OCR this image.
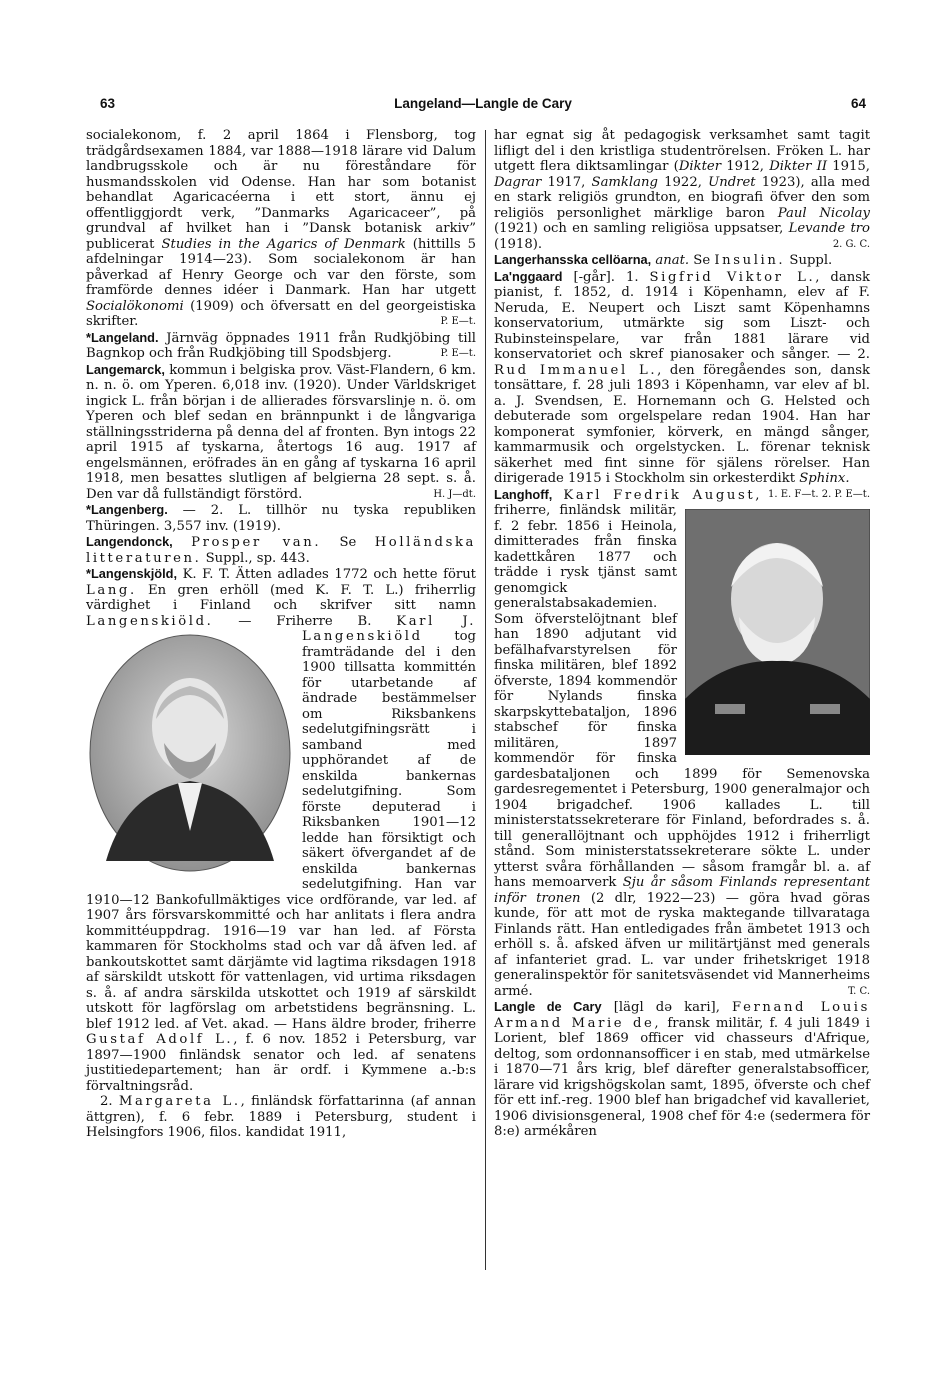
63	Langeland—Langle de Cary	64

socialekonom, f. 2 april 1864 i Flensborg, tog trädgårdsexamen 1884, var 1888—1918 lärare vid Dalum landbrugsskole och är nu föreståndare för husmandsskolen vid Odense. Han har som botanist behandlat Agaricacéerna i ett stort, ännu ej offentliggjordt verk, ”Danmarks Agaricaceer”, på grundval af hvilket han i ”Dansk botanisk arkiv” publicerat Studies in the Agarics of Denmark (hittills 5 afdelningar 1914—23). Som socialekonom är han påverkad af Henry George och var den förste, som framförde dennes idéer i Danmark. Han har utgett Socialökonomi (1909) och öfversatt en del georgeistiska skrifter.	P. E—t.

*Langeland. Järnväg öppnades 1911 från Rudkjöbing till Bagnkop och från Rudkjöbing till Spodsbjerg.	P. E—t.

Langemarck, kommun i belgiska prov. Väst-Flandern, 6 km. n. n. ö. om Yperen. 6,018 inv. (1920). Under Världskriget ingick L. från början i de allierades försvarslinje n. ö. om Yperen och blef sedan en brännpunkt i de långvariga ställningsstriderna på denna del af fronten. Byn intogs 22 april 1915 af tyskarna, återtogs 16 aug. 1917 af engelsmännen, eröfrades än en gång af tyskarna 16 april 1918, men besattes slutligen af belgierna 28 sept. s. å. Den var då fullständigt förstörd.	H. J—dt.

*Langenberg. — 2. L. tillhör nu tyska republiken Thüringen. 3,557 inv. (1919).

Langendonck, Prosper van. Se Holländska litteraturen. Suppl., sp. 443.

*Langenskjöld, K. F. T. Ätten adlades 1772 och hette förut Lang. En gren erhöll (med K. F. T. L.) friherrlig värdighet i Finland och skrifver sitt namn Langenskiöld. — Friherre B. Karl J. Langenskiöld
tog framträdande del i den 1900 tillsatta kommittén för utarbetande af ändrade bestämmelser om Riksbankens sedelutgifningsrätt i samband med upphörandet af de enskilda bankernas sedelutgifning. Som förste deputerad i Riksbanken 1901—12 ledde han försiktigt och säkert öfvergandet af de enskilda bankernas sedelutgifning. Han var 1910—12 Bankofullmäktiges vice ordförande, var led. af 1907 års försvarskommitté och har anlitats i flera andra kommittéuppdrag. 1916—19 var han led. af Första kammaren för Stockholms stad och var då äfven led. af bankoutskottet samt därjämte vid lagtima riksdagen 1918 af särskildt utskott för vattenlagen, vid urtima riksdagen s. å. af andra särskilda utskottet och 1919 af särskildt utskott för lagförslag om arbetstidens begränsning. L. blef 1912 led. af Vet. akad. — Hans äldre broder, friherre Gustaf Adolf L., f. 6 nov. 1852 i Petersburg, var 1897—1900 finländsk senator och led. af senatens justitiedepartement; han är ordf. i Kymmene a.-b:s förvaltningsråd.

2. Margareta L., finländsk författarinna (af annan ättgren), f. 6 febr. 1889 i Petersburg, student i Helsingfors 1906, filos. kandidat 1911,

har egnat sig åt pedagogisk verksamhet samt tagit lifligt del i den kristliga studentrörelsen. Fröken L. har utgett flera diktsamlingar (Dikter 1912, Dikter II 1915, Dagrar 1917, Samklang 1922, Undret 1923), alla med en stark religiös grundton, en biografi öfver den som religiös personlighet märklige baron Paul Nicolay (1921) och en samling religiösa uppsatser, Levande tro (1918).	2. G. C.

Langerhansska cellöarna, anat. Se Insulin. Suppl.

La'nggaard [-går]. 1. Sigfrid Viktor L., dansk pianist, f. 1852, d. 1914 i Köpenhamn, elev af F. Neruda, E. Neupert och Liszt samt Köpenhamns konservatorium, utmärkte sig som Liszt- och Rubinsteinspelare, var från 1881 lärare vid konservatoriet och skref pianosaker och sånger. — 2. Rud Immanuel L., den föregåendes son, dansk tonsättare, f. 28 juli 1893 i Köpenhamn, var elev af bl. a. J. Svendsen, E. Hornemann och G. Helsted och debuterade som orgelspelare redan 1904. Han har komponerat symfonier, körverk, en mängd sånger, kammarmusik och orgelstycken. L. förenar teknisk säkerhet med fint sinne för själens rörelser. Han dirigerade 1915 i Stockholm sin orkesterdikt Sphinx.
1. E. F—t. 2. P. E—t.

Langhoff, Karl Fredrik August,
friherre, finländsk militär, f. 2 febr. 1856 i Heinola, dimitterades från finska kadettkåren 1877 och trädde i rysk tjänst samt genomgick generalstabsakademien. Som öfverstelöjtnant blef han 1890 adjutant vid befälhafvarstyrelsen för finska militären, blef 1892 öfverste, 1894 kommendör för Nylands finska skarpskyttebataljon, 1896 stabschef för finska militären, 1897 kommendör för finska gardesbataljonen och 1899 för Semenovska gardesregementet i Petersburg, 1900 generalmajor och 1904 brigadchef. 1906 kallades L. till ministerstatssekreterare för Finland, befordrades s. å. till generallöjtnant och upphöjdes 1912 i friherrligt stånd. Som ministerstatssekreterare sökte L. under ytterst svåra förhållanden — såsom framgår bl. a. af hans memoarverk Sju år såsom Finlands representant inför tronen (2 dlr, 1922—23) — göra hvad göras kunde, för att mot de ryska maktegande tillvaratagа Finlands rätt. Han entledigades från ämbetet 1913 och erhöll s. å. afsked äfven ur militärtjänst med generals af infanteriet grad. L. var under frihetskriget 1918 generalinspektör för sanitetsväsendet vid Mannerheims armé.	T. C.

Langle de Cary [lägl dә kari], Fernand Louis Armand Marie de, fransk militär, f. 4 juli 1849 i Lorient, blef 1869 officer vid chasseurs d'Afrique, deltog, som ordonnansofficer i en stab, med utmärkelse i 1870—71 års krig, blef därefter generalstabsofficer, lärare vid krigshögskolan samt, 1895, öfverste och chef för ett inf.-reg. 1900 blef han brigadchef vid kavalleriet, 1906 divisionsgeneral, 1908 chef för 4:e (sedermera för 8:e) armékåren
